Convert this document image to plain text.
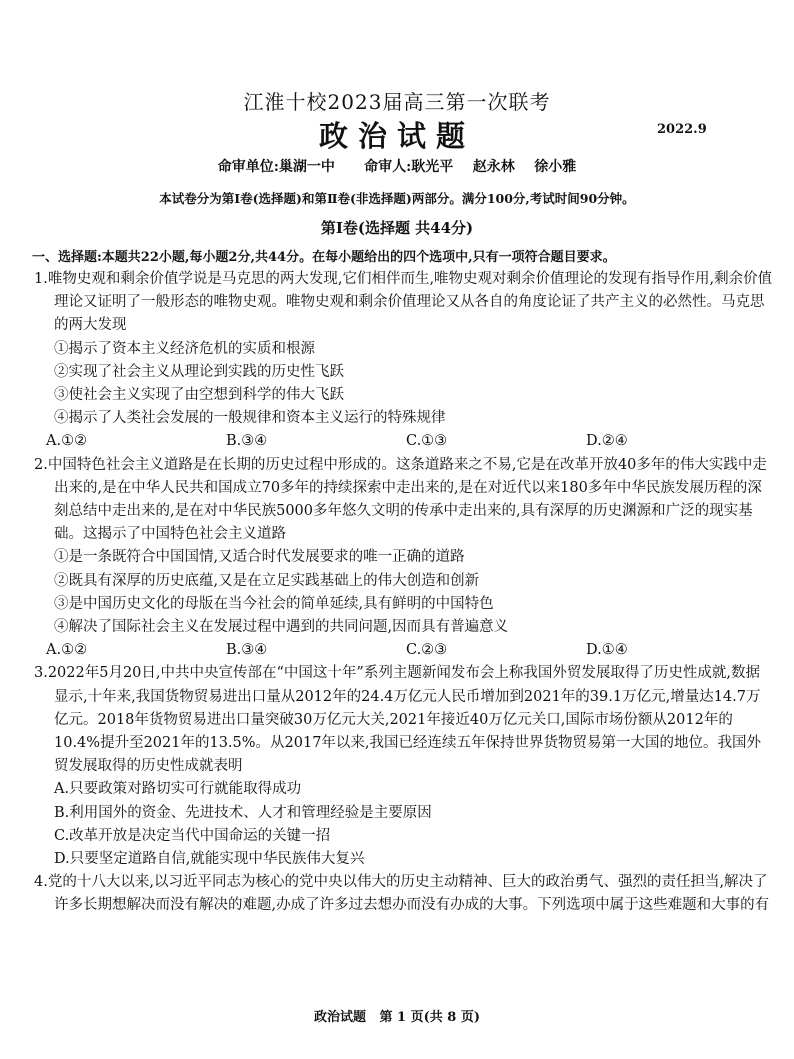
江淮十校2023届高三第一次联考
政治试题	2022.9
命审单位:巢湖一中      命审人:耿光平    赵永林    徐小雅
本试卷分为第Ⅰ卷(选择题)和第Ⅱ卷(非选择题)两部分。满分100分,考试时间90分钟。
第Ⅰ卷(选择题 共44分)
一、选择题:本题共22小题,每小题2分,共44分。在每小题给出的四个选项中,只有一项符合题目要求。
1.唯物史观和剩余价值学说是马克思的两大发现,它们相伴而生,唯物史观对剩余价值理论的发现有指导作用,剩余价值理论又证明了一般形态的唯物史观。唯物史观和剩余价值理论又从各自的角度论证了共产主义的必然性。马克思的两大发现
①揭示了资本主义经济危机的实质和根源
②实现了社会主义从理论到实践的历史性飞跃
③使社会主义实现了由空想到科学的伟大飞跃
④揭示了人类社会发展的一般规律和资本主义运行的特殊规律
A.①②	B.③④	C.①③	D.②④
2.中国特色社会主义道路是在长期的历史过程中形成的。这条道路来之不易,它是在改革开放40多年的伟大实践中走出来的,是在中华人民共和国成立70多年的持续探索中走出来的,是在对近代以来180多年中华民族发展历程的深刻总结中走出来的,是在对中华民族5000多年悠久文明的传承中走出来的,具有深厚的历史渊源和广泛的现实基础。这揭示了中国特色社会主义道路
①是一条既符合中国国情,又适合时代发展要求的唯一正确的道路
②既具有深厚的历史底蕴,又是在立足实践基础上的伟大创造和创新
③是中国历史文化的母版在当今社会的简单延续,具有鲜明的中国特色
④解决了国际社会主义在发展过程中遇到的共同问题,因而具有普遍意义
A.①②	B.③④	C.②③	D.①④
3.2022年5月20日,中共中央宣传部在“中国这十年”系列主题新闻发布会上称我国外贸发展取得了历史性成就,数据显示,十年来,我国货物贸易进出口量从2012年的24.4万亿元人民币增加到2021年的39.1万亿元,增量达14.7万亿元。2018年货物贸易进出口量突破30万亿元大关,2021年接近40万亿元关口,国际市场份额从2012年的10.4%提升至2021年的13.5%。从2017年以来,我国已经连续五年保持世界货物贸易第一大国的地位。我国外贸发展取得的历史性成就表明
A.只要政策对路切实可行就能取得成功
B.利用国外的资金、先进技术、人才和管理经验是主要原因
C.改革开放是决定当代中国命运的关键一招
D.只要坚定道路自信,就能实现中华民族伟大复兴
4.党的十八大以来,以习近平同志为核心的党中央以伟大的历史主动精神、巨大的政治勇气、强烈的责任担当,解决了许多长期想解决而没有解决的难题,办成了许多过去想办而没有办成的大事。下列选项中属于这些难题和大事的有
政治试题   第 1 页(共 8 页)
